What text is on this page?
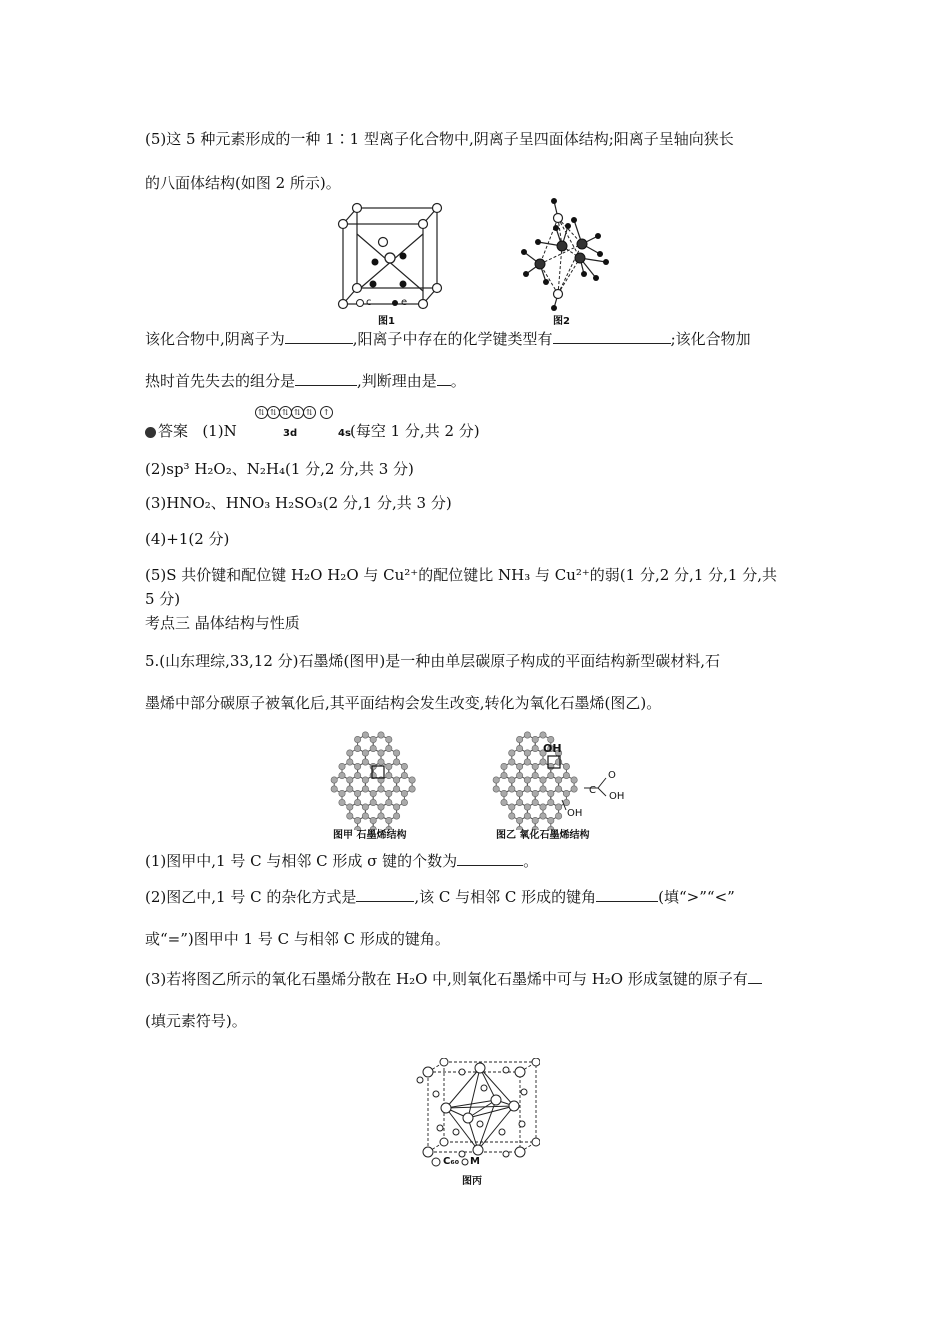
(5)这 5 种元素形成的一种 1∶1 型离子化合物中,阴离子呈四面体结构;阳离子呈轴向狭长
的八面体结构(如图 2 所示)。
c	e
图1	图2
该化合物中,阴离子为	,阳离子中存在的化学键类型有	;该化合物加
热时首先失去的组分是	,判断理由是 。
答案 (1)N
⇅ ⇅ ⇅ ⇅ ⇅ ↑
3d	4s (每空 1 分,共 2 分)
(2)sp³ H₂O₂、N₂H₄(1 分,2 分,共 3 分)
(3)HNO₂、HNO₃ H₂SO₃(2 分,1 分,共 3 分)
(4)+1(2 分)
(5)S 共价键和配位键 H₂O H₂O 与 Cu²⁺的配位键比 NH₃ 与 Cu²⁺的弱(1 分,2 分,1 分,1 分,共
5 分)
考点三 晶体结构与性质
5.(山东理综,33,12 分)石墨烯(图甲)是一种由单层碳原子构成的平面结构新型碳材料,石
墨烯中部分碳原子被氧化后,其平面结构会发生改变,转化为氧化石墨烯(图乙)。
图甲 石墨烯结构
OH
O
C
OH
OH
图乙 氧化石墨烯结构
(1)图甲中,1 号 C 与相邻 C 形成 σ 键的个数为	。
(2)图乙中,1 号 C 的杂化方式是	,该 C 与相邻 C 形成的键角	(填“>”“<”
或“=”)图甲中 1 号 C 与相邻 C 形成的键角。
(3)若将图乙所示的氧化石墨烯分散在 H₂O 中,则氧化石墨烯中可与 H₂O 形成氢键的原子有
(填元素符号)。
C₆₀ M
图丙
